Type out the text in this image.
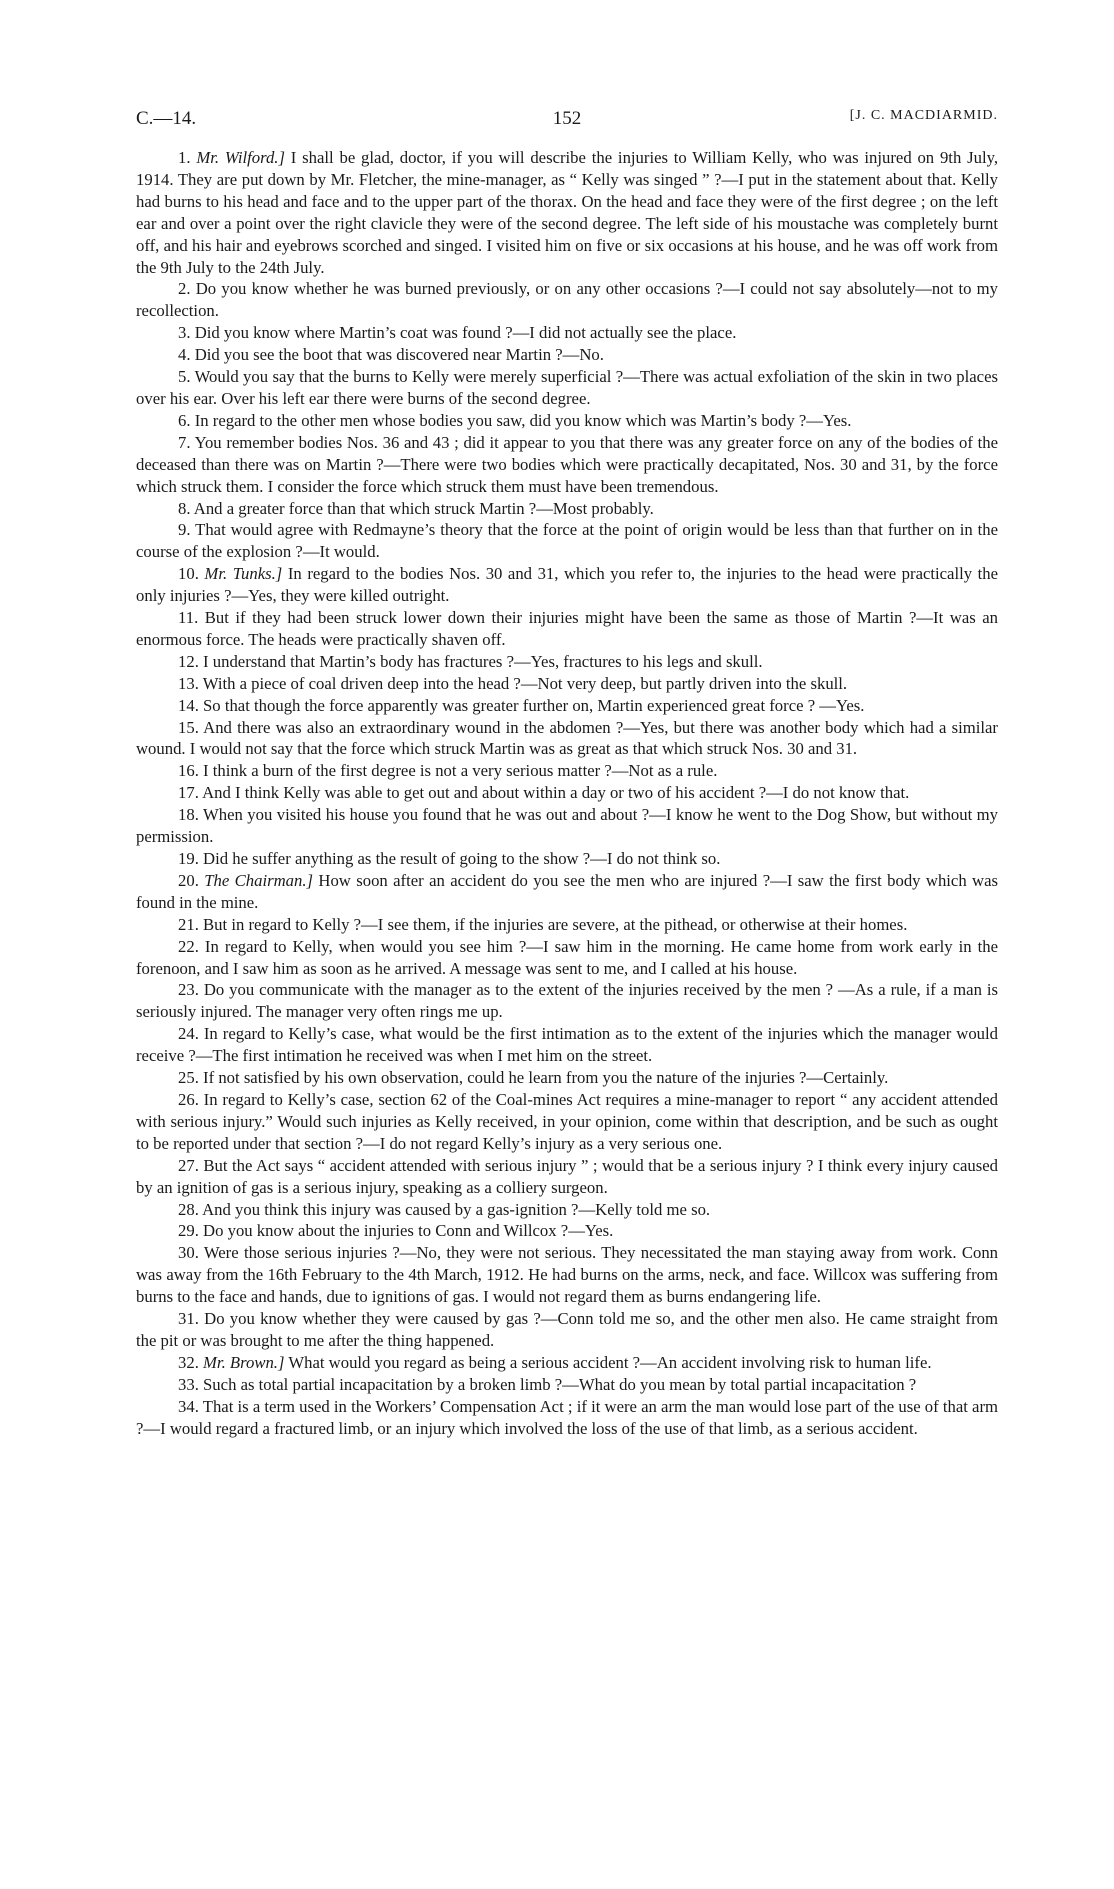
C.—14.	152	[J. C. MACDIARMID.

1. Mr. Wilford.] I shall be glad, doctor, if you will describe the injuries to William Kelly, who was injured on 9th July, 1914. They are put down by Mr. Fletcher, the mine-manager, as “ Kelly was singed ” ?—I put in the statement about that. Kelly had burns to his head and face and to the upper part of the thorax. On the head and face they were of the first degree ; on the left ear and over a point over the right clavicle they were of the second degree. The left side of his moustache was completely burnt off, and his hair and eyebrows scorched and singed. I visited him on five or six occasions at his house, and he was off work from the 9th July to the 24th July.

2. Do you know whether he was burned previously, or on any other occasions ?—I could not say absolutely—not to my recollection.

3. Did you know where Martin’s coat was found ?—I did not actually see the place.

4. Did you see the boot that was discovered near Martin ?—No.

5. Would you say that the burns to Kelly were merely superficial ?—There was actual exfoliation of the skin in two places over his ear. Over his left ear there were burns of the second degree.

6. In regard to the other men whose bodies you saw, did you know which was Martin’s body ?—Yes.

7. You remember bodies Nos. 36 and 43 ; did it appear to you that there was any greater force on any of the bodies of the deceased than there was on Martin ?—There were two bodies which were practically decapitated, Nos. 30 and 31, by the force which struck them. I consider the force which struck them must have been tremendous.

8. And a greater force than that which struck Martin ?—Most probably.

9. That would agree with Redmayne’s theory that the force at the point of origin would be less than that further on in the course of the explosion ?—It would.

10. Mr. Tunks.] In regard to the bodies Nos. 30 and 31, which you refer to, the injuries to the head were practically the only injuries ?—Yes, they were killed outright.

11. But if they had been struck lower down their injuries might have been the same as those of Martin ?—It was an enormous force. The heads were practically shaven off.

12. I understand that Martin’s body has fractures ?—Yes, fractures to his legs and skull.

13. With a piece of coal driven deep into the head ?—Not very deep, but partly driven into the skull.

14. So that though the force apparently was greater further on, Martin experienced great force ? —Yes.

15. And there was also an extraordinary wound in the abdomen ?—Yes, but there was another body which had a similar wound. I would not say that the force which struck Martin was as great as that which struck Nos. 30 and 31.

16. I think a burn of the first degree is not a very serious matter ?—Not as a rule.

17. And I think Kelly was able to get out and about within a day or two of his accident ?—I do not know that.

18. When you visited his house you found that he was out and about ?—I know he went to the Dog Show, but without my permission.

19. Did he suffer anything as the result of going to the show ?—I do not think so.

20. The Chairman.] How soon after an accident do you see the men who are injured ?—I saw the first body which was found in the mine.

21. But in regard to Kelly ?—I see them, if the injuries are severe, at the pithead, or otherwise at their homes.

22. In regard to Kelly, when would you see him ?—I saw him in the morning. He came home from work early in the forenoon, and I saw him as soon as he arrived. A message was sent to me, and I called at his house.

23. Do you communicate with the manager as to the extent of the injuries received by the men ? —As a rule, if a man is seriously injured. The manager very often rings me up.

24. In regard to Kelly’s case, what would be the first intimation as to the extent of the injuries which the manager would receive ?—The first intimation he received was when I met him on the street.

25. If not satisfied by his own observation, could he learn from you the nature of the injuries ?—Certainly.

26. In regard to Kelly’s case, section 62 of the Coal-mines Act requires a mine-manager to report “ any accident attended with serious injury.” Would such injuries as Kelly received, in your opinion, come within that description, and be such as ought to be reported under that section ?—I do not regard Kelly’s injury as a very serious one.

27. But the Act says “ accident attended with serious injury ” ; would that be a serious injury ? I think every injury caused by an ignition of gas is a serious injury, speaking as a colliery surgeon.

28. And you think this injury was caused by a gas-ignition ?—Kelly told me so.

29. Do you know about the injuries to Conn and Willcox ?—Yes.

30. Were those serious injuries ?—No, they were not serious. They necessitated the man staying away from work. Conn was away from the 16th February to the 4th March, 1912. He had burns on the arms, neck, and face. Willcox was suffering from burns to the face and hands, due to ignitions of gas. I would not regard them as burns endangering life.

31. Do you know whether they were caused by gas ?—Conn told me so, and the other men also. He came straight from the pit or was brought to me after the thing happened.

32. Mr. Brown.] What would you regard as being a serious accident ?—An accident involving risk to human life.

33. Such as total partial incapacitation by a broken limb ?—What do you mean by total partial incapacitation ?

34. That is a term used in the Workers’ Compensation Act ; if it were an arm the man would lose part of the use of that arm ?—I would regard a fractured limb, or an injury which involved the loss of the use of that limb, as a serious accident.
